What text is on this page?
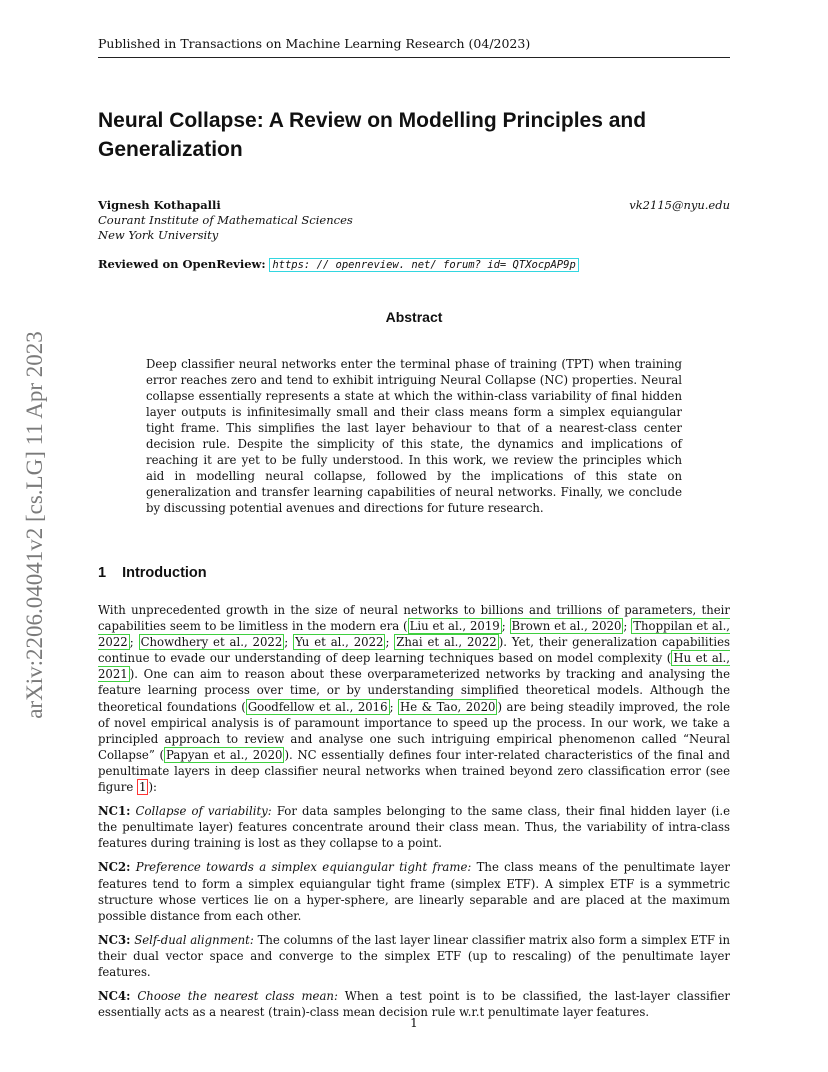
Published in Transactions on Machine Learning Research (04/2023)
arXiv:2206.04041v2 [cs.LG] 11 Apr 2023
Neural Collapse: A Review on Modelling Principles and Generalization
Vignesh Kothapalli	vk2115@nyu.edu
Courant Institute of Mathematical Sciences
New York University
Reviewed on OpenReview: https: // openreview. net/ forum? id= QTXocpAP9p
Abstract

Deep classifier neural networks enter the terminal phase of training (TPT) when training error reaches zero and tend to exhibit intriguing Neural Collapse (NC) properties. Neural collapse essentially represents a state at which the within-class variability of final hidden layer outputs is infinitesimally small and their class means form a simplex equiangular tight frame. This simplifies the last layer behaviour to that of a nearest-class center decision rule. Despite the simplicity of this state, the dynamics and implications of reaching it are yet to be fully understood. In this work, we review the principles which aid in modelling neural collapse, followed by the implications of this state on generalization and transfer learning capabilities of neural networks. Finally, we conclude by discussing potential avenues and directions for future research.

1 Introduction

With unprecedented growth in the size of neural networks to billions and trillions of parameters, their capabilities seem to be limitless in the modern era ( Liu et al., 2019 ; Brown et al., 2020 ; Thoppilan et al., 2022 ; Chowdhery et al., 2022 ; Yu et al., 2022 ; Zhai et al., 2022 ). Yet, their generalization capabilities continue to evade our understanding of deep learning techniques based on model complexity ( Hu et al., 2021 ). One can aim to reason about these overparameterized networks by tracking and analysing the feature learning process over time, or by understanding simplified theoretical models. Although the theoretical foundations ( Goodfellow et al., 2016 ; He & Tao, 2020 ) are being steadily improved, the role of novel empirical analysis is of paramount importance to speed up the process. In our work, we take a principled approach to review and analyse one such intriguing empirical phenomenon called “Neural Collapse” ( Papyan et al., 2020 ). NC essentially defines four inter-related characteristics of the final and penultimate layers in deep classifier neural networks when trained beyond zero classification error (see figure 1 ):

NC1: Collapse of variability: For data samples belonging to the same class, their final hidden layer (i.e the penultimate layer) features concentrate around their class mean. Thus, the variability of intra-class features during training is lost as they collapse to a point.

NC2: Preference towards a simplex equiangular tight frame: The class means of the penultimate layer features tend to form a simplex equiangular tight frame (simplex ETF). A simplex ETF is a symmetric structure whose vertices lie on a hyper-sphere, are linearly separable and are placed at the maximum possible distance from each other.

NC3: Self-dual alignment: The columns of the last layer linear classifier matrix also form a simplex ETF in their dual vector space and converge to the simplex ETF (up to rescaling) of the penultimate layer features.

NC4: Choose the nearest class mean: When a test point is to be classified, the last-layer classifier essentially acts as a nearest (train)-class mean decision rule w.r.t penultimate layer features.

1
